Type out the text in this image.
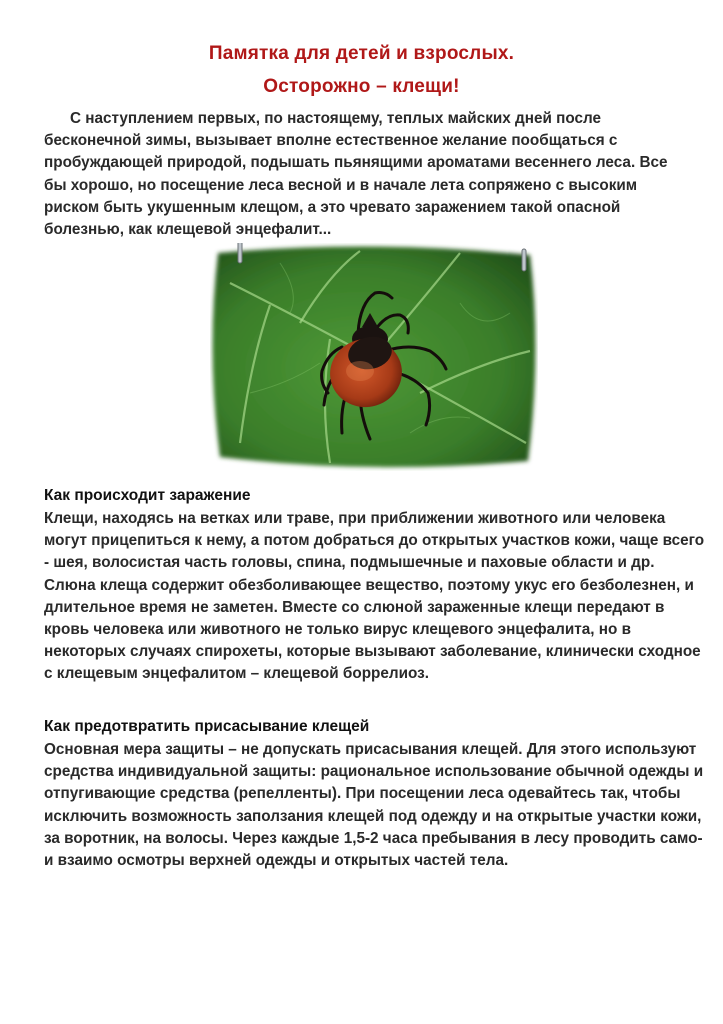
Памятка для детей и взрослых.
Осторожно – клещи!

С наступлением первых, по настоящему, теплых майских дней после бесконечной зимы, вызывает вполне естественное желание пообщаться с пробуждающей природой, подышать пьянящими ароматами весеннего леса. Все бы хорошо, но посещение леса весной и в начале лета сопряжено с высоким риском быть укушенным клещом, а это чревато заражением такой опасной болезнью, как клещевой энцефалит...

Как происходит заражение

Клещи, находясь на ветках или траве, при приближении животного или человека могут прицепиться к нему, а потом добраться до открытых участков кожи, чаще всего - шея, волосистая часть головы, спина, подмышечные и паховые области и др. Слюна клеща содержит обезболивающее вещество, поэтому укус его безболезнен, и длительное время не заметен. Вместе со слюной зараженные клещи передают в кровь человека или животного не только вирус клещевого энцефалита, но в некоторых случаях спирохеты, которые вызывают заболевание, клинически сходное с клещевым энцефалитом – клещевой боррелиоз.

Как предотвратить присасывание клещей

Основная мера защиты – не допускать присасывания клещей. Для этого используют средства индивидуальной защиты: рациональное использование обычной одежды и отпугивающие средства (репелленты). При посещении леса одевайтесь так, чтобы исключить возможность заползания клещей под одежду и на открытые участки кожи, за воротник, на волосы. Через каждые 1,5-2 часа пребывания в лесу проводить само- и взаимо осмотры верхней одежды и открытых частей тела.
